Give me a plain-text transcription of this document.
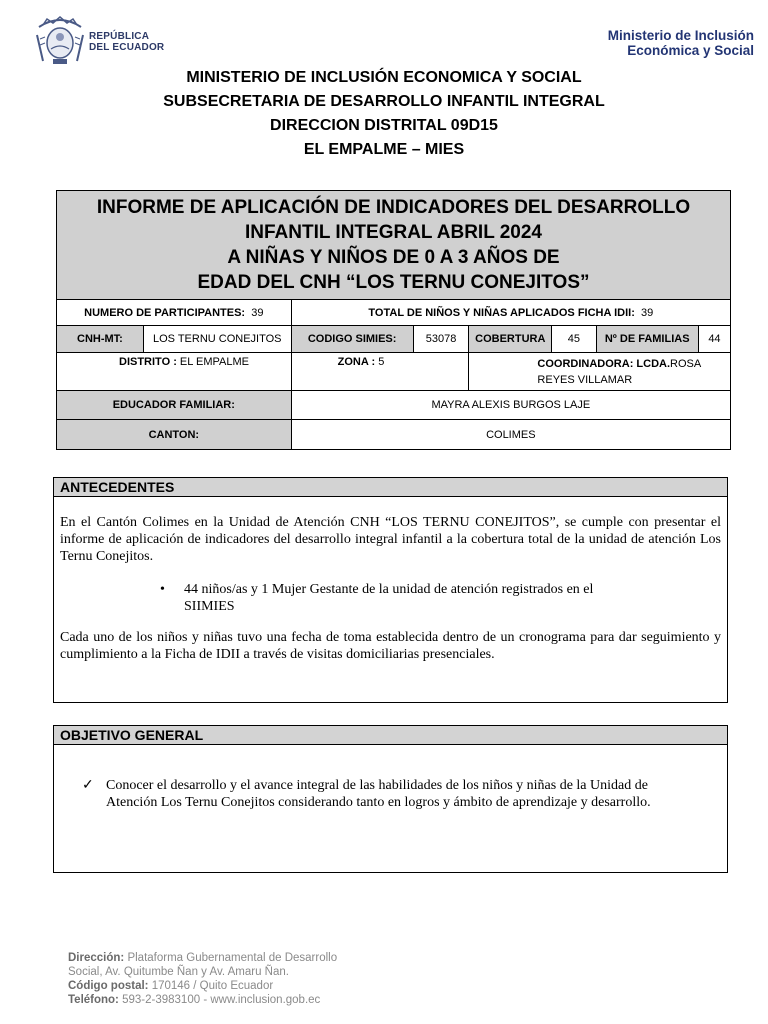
REPÚBLICA
DEL ECUADOR
Ministerio de Inclusión
Económica y Social
MINISTERIO DE INCLUSIÓN ECONOMICA Y SOCIAL
SUBSECRETARIA DE DESARROLLO INFANTIL INTEGRAL
DIRECCION DISTRITAL 09D15
EL EMPALME – MIES
INFORME DE APLICACIÓN DE INDICADORES DEL DESARROLLO
INFANTIL INTEGRAL ABRIL 2024
A NIÑAS Y NIÑOS DE 0 A 3 AÑOS DE
EDAD DEL CNH “LOS TERNU CONEJITOS”							

NUMERO DE PARTICIPANTES: 39		TOTAL DE NIÑOS Y NIÑAS APLICADOS FICHA IDII: 39					
CNH-MT:	LOS TERNU CONEJITOS	CODIGO SIMIES:	53078	COBERTURA	45	Nº DE FAMILIAS	44
DISTRITO : EL EMPALME		ZONA : 5		COORDINADORA: LCDA.ROSA REYES VILLAMAR			
EDUCADOR FAMILIAR:		MAYRA ALEXIS BURGOS LAJE					
CANTON:		COLIMES					
ANTECEDENTES
En el Cantón Colimes en la Unidad de Atención CNH “LOS TERNU CONEJITOS”, se cumple con presentar el informe de aplicación de indicadores del desarrollo integral infantil a la cobertura total de la unidad de atención Los Ternu Conejitos.
•	44 niños/as y 1 Mujer Gestante de la unidad de atención registrados en el SIIMIES
Cada uno de los niños y niñas tuvo una fecha de toma establecida dentro de un cronograma para dar seguimiento y cumplimiento a la Ficha de IDII a través de visitas domiciliarias presenciales.
OBJETIVO GENERAL
✓ Conocer el desarrollo y el avance integral de las habilidades de los niños y niñas de la Unidad de Atención Los Ternu Conejitos considerando tanto en logros y ámbito de aprendizaje y desarrollo.
Dirección: Plataforma Gubernamental de Desarrollo
Social, Av. Quitumbe Ñan y Av. Amaru Ñan.
Código postal: 170146 / Quito Ecuador
Teléfono: 593-2-3983100 - www.inclusion.gob.ec
